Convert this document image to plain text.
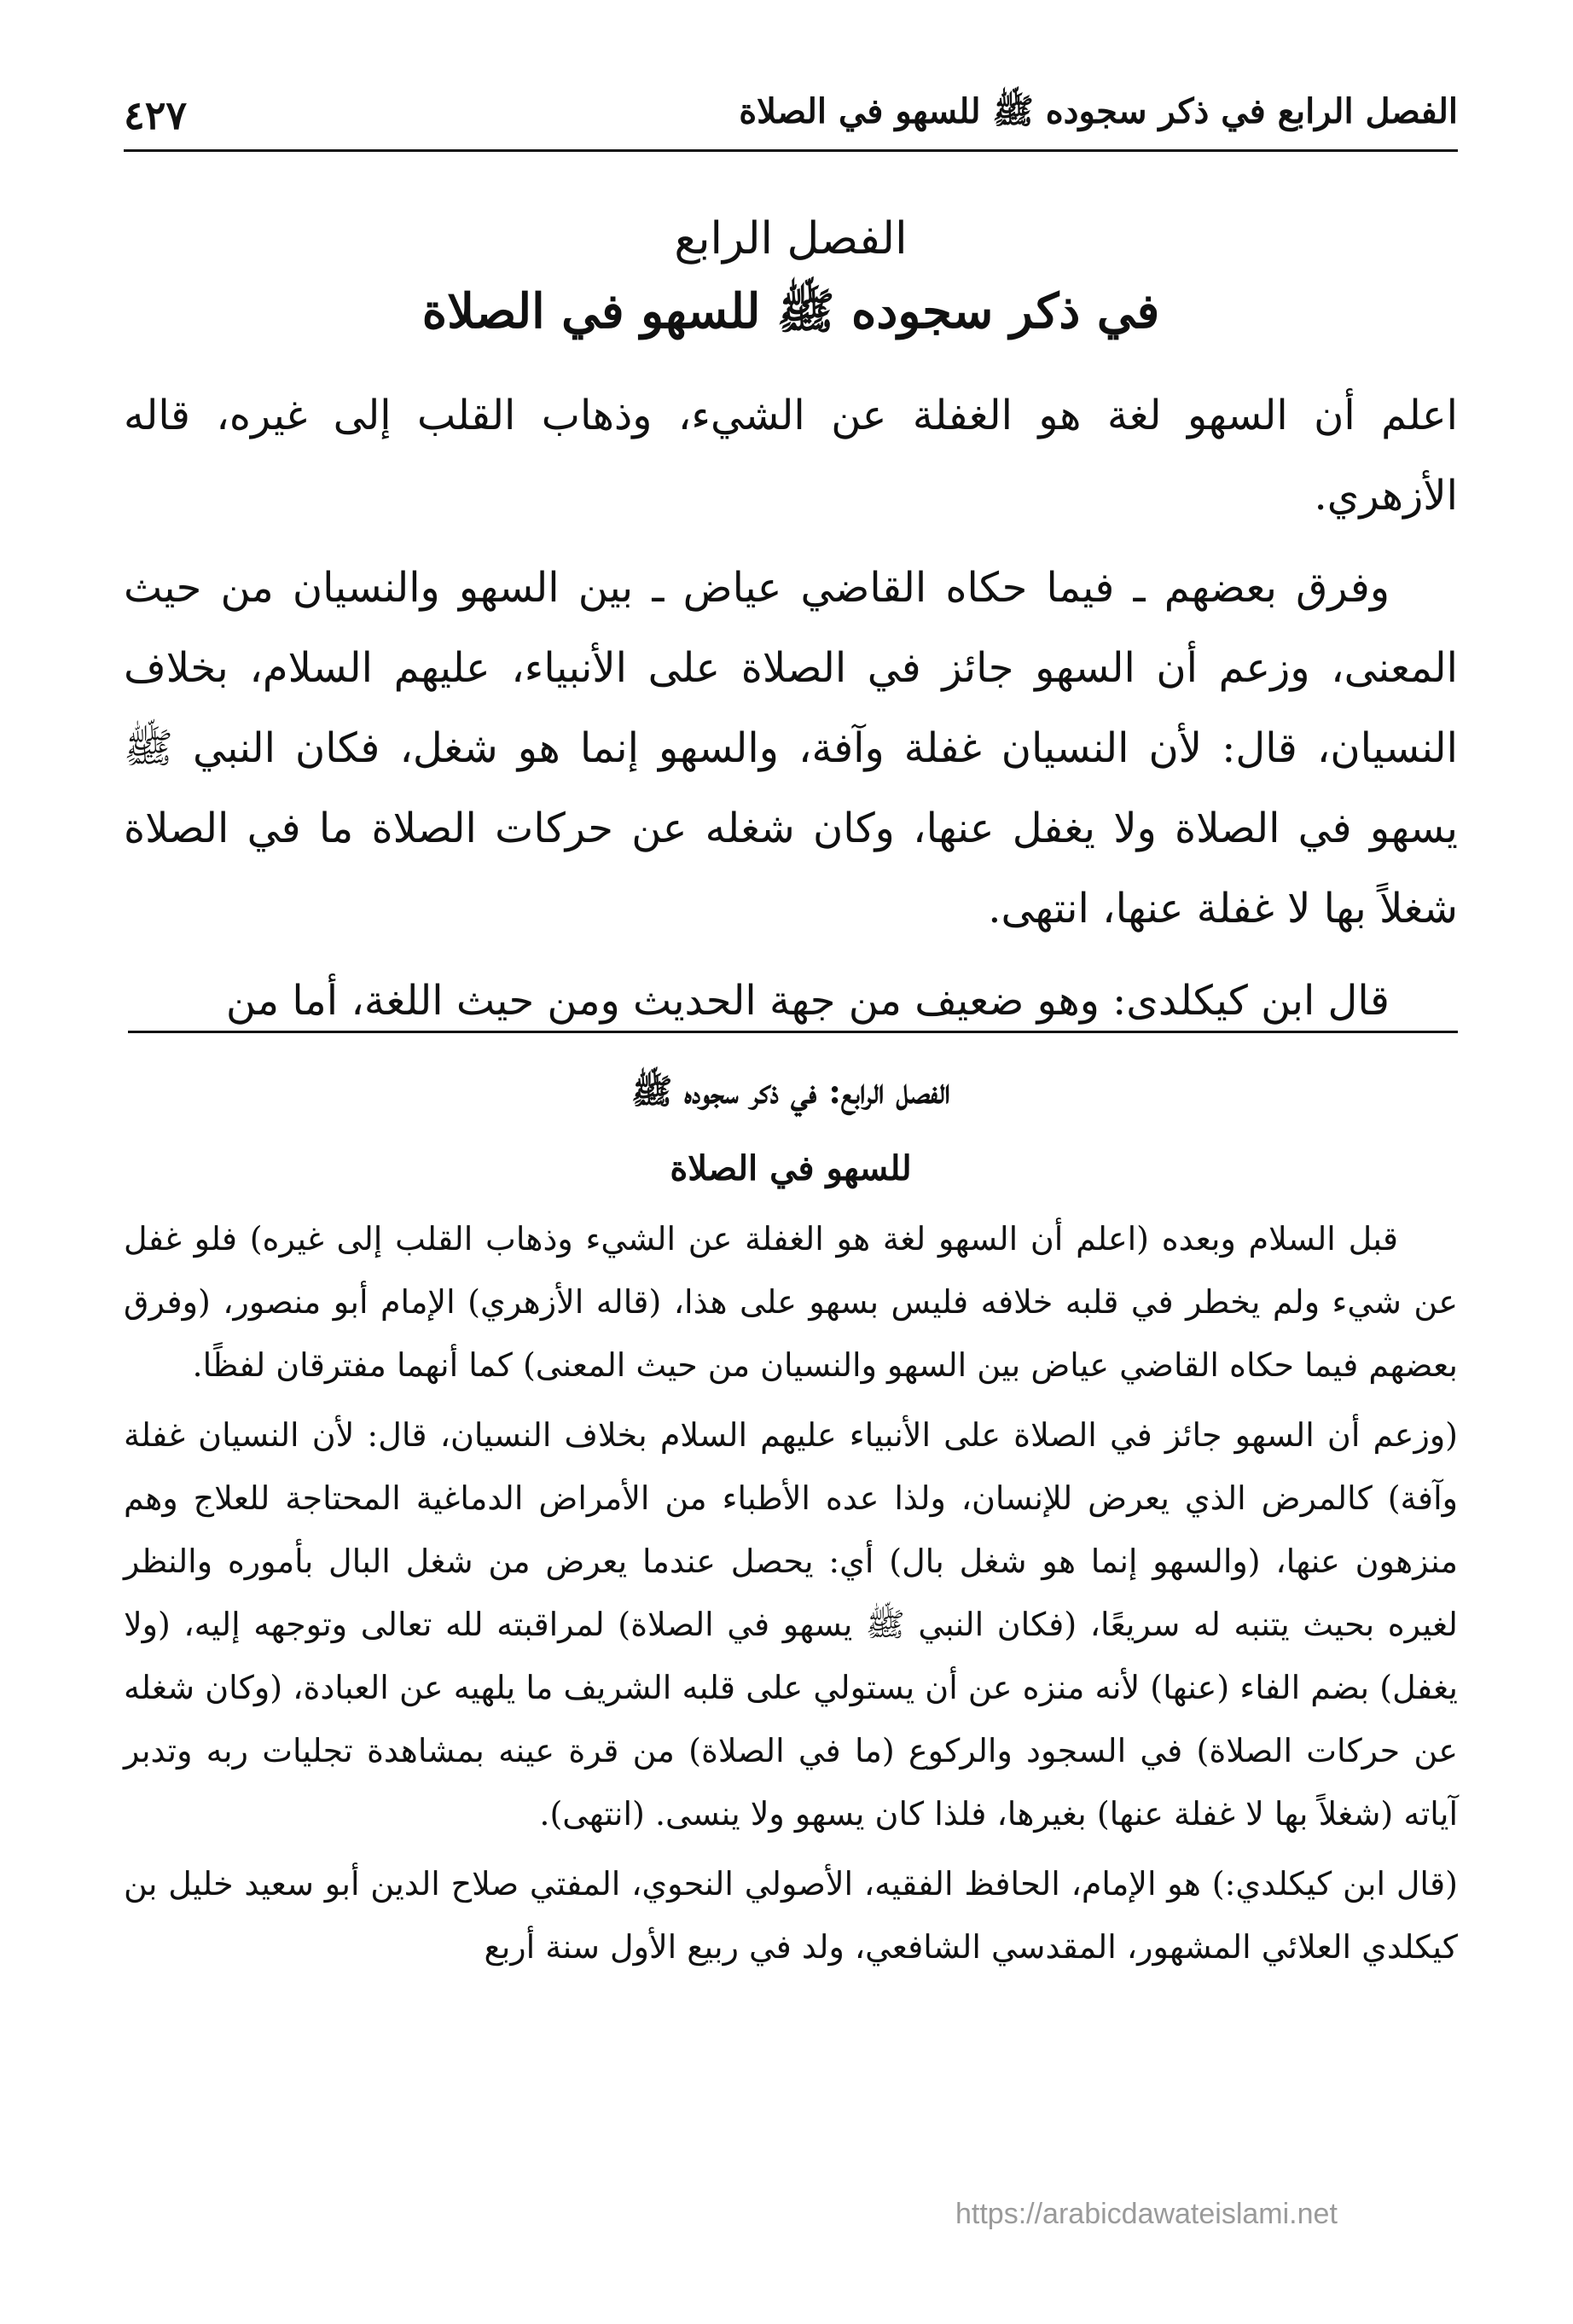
الفصل الرابع في ذكر سجوده ﷺ للسهو في الصلاة
٤٢٧
الفصل الرابع
في ذكر سجوده ﷺ للسهو في الصلاة

اعلم أن السهو لغة هو الغفلة عن الشيء، وذهاب القلب إلى غيره، قاله الأزهري.

وفرق بعضهم ـ فيما حكاه القاضي عياض ـ بين السهو والنسيان من حيث المعنى، وزعم أن السهو جائز في الصلاة على الأنبياء، عليهم السلام، بخلاف النسيان، قال: لأن النسيان غفلة وآفة، والسهو إنما هو شغل، فكان النبي ﷺ يسهو في الصلاة ولا يغفل عنها، وكان شغله عن حركات الصلاة ما في الصلاة شغلاً بها لا غفلة عنها، انتهى.

قال ابن كيكلدى: وهو ضعيف من جهة الحديث ومن حيث اللغة، أما من

الفصل الرابع: في ذكر سجوده ﷺ
للسهو في الصلاة

قبل السلام وبعده (اعلم أن السهو لغة هو الغفلة عن الشيء وذهاب القلب إلى غيره) فلو غفل عن شيء ولم يخطر في قلبه خلافه فليس بسهو على هذا، (قاله الأزهري) الإمام أبو منصور، (وفرق بعضهم فيما حكاه القاضي عياض بين السهو والنسيان من حيث المعنى) كما أنهما مفترقان لفظًا.

(وزعم أن السهو جائز في الصلاة على الأنبياء عليهم السلام بخلاف النسيان، قال: لأن النسيان غفلة وآفة) كالمرض الذي يعرض للإنسان، ولذا عده الأطباء من الأمراض الدماغية المحتاجة للعلاج وهم منزهون عنها، (والسهو إنما هو شغل بال) أي: يحصل عندما يعرض من شغل البال بأموره والنظر لغيره بحيث يتنبه له سريعًا، (فكان النبي ﷺ يسهو في الصلاة) لمراقبته لله تعالى وتوجهه إليه، (ولا يغفل) بضم الفاء (عنها) لأنه منزه عن أن يستولي على قلبه الشريف ما يلهيه عن العبادة، (وكان شغله عن حركات الصلاة) في السجود والركوع (ما في الصلاة) من قرة عينه بمشاهدة تجليات ربه وتدبر آياته (شغلاً بها لا غفلة عنها) بغيرها، فلذا كان يسهو ولا ينسى. (انتهى).

(قال ابن كيكلدي:) هو الإمام، الحافظ الفقيه، الأصولي النحوي، المفتي صلاح الدين أبو سعيد خليل بن كيكلدي العلائي المشهور، المقدسي الشافعي، ولد في ربيع الأول سنة أربع

https://arabicdawateislami.net
